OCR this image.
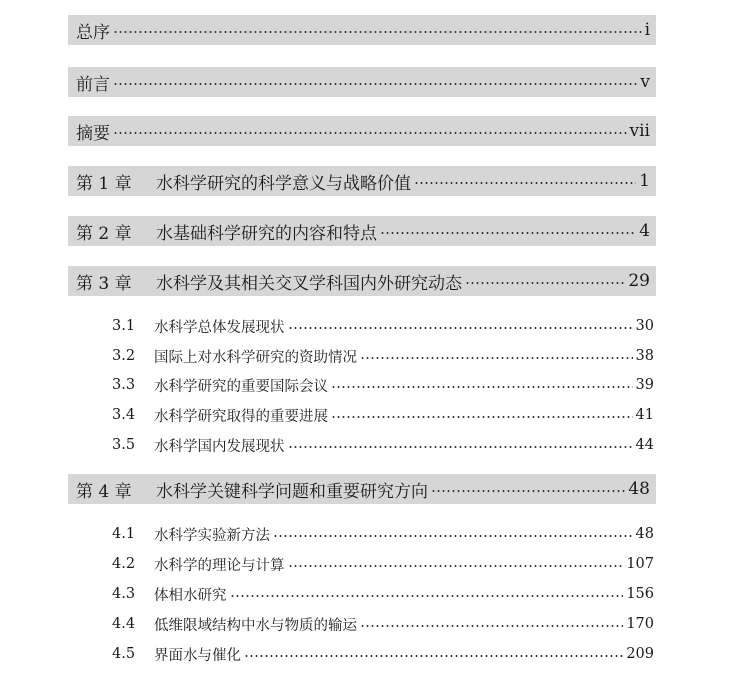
总序	i
前言	v
摘要	vii
第 1 章	水科学研究的科学意义与战略价值	1
第 2 章	水基础科学研究的内容和特点	4
第 3 章	水科学及其相关交叉学科国内外研究动态	29
3.1	水科学总体发展现状	30
3.2	国际上对水科学研究的资助情况	38
3.3	水科学研究的重要国际会议	39
3.4	水科学研究取得的重要进展	41
3.5	水科学国内发展现状	44
第 4 章	水科学关键科学问题和重要研究方向	48
4.1	水科学实验新方法	48
4.2	水科学的理论与计算	107
4.3	体相水研究	156
4.4	低维限域结构中水与物质的输运	170
4.5	界面水与催化	209
